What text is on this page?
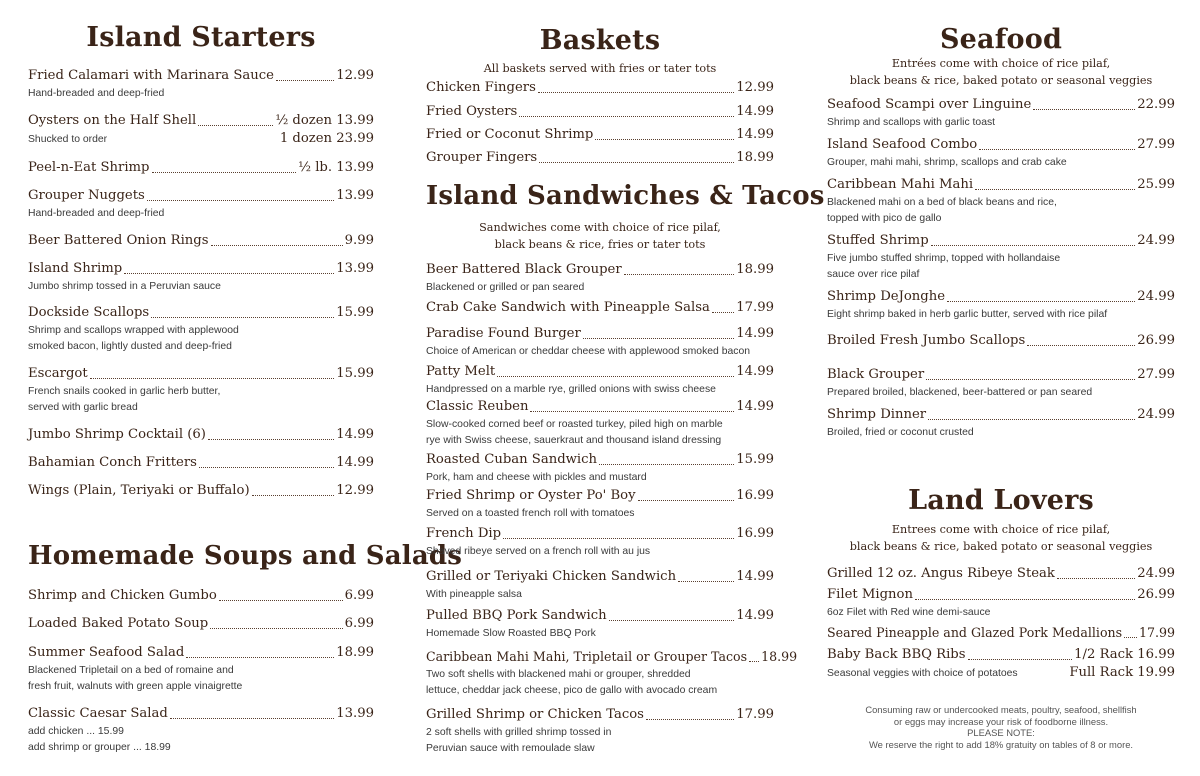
Island Starters
Fried Calamari with Marinara Sauce	12.99
Hand-breaded and deep-fried
Oysters on the Half Shell	½ dozen 13.99
Shucked to order	1 dozen 23.99
Peel-n-Eat Shrimp	½ lb. 13.99
Grouper Nuggets	13.99
Hand-breaded and deep-fried
Beer Battered Onion Rings	9.99
Island Shrimp	13.99
Jumbo shrimp tossed in a Peruvian sauce
Dockside Scallops	15.99
Shrimp and scallops wrapped with applewood
smoked bacon, lightly dusted and deep-fried
Escargot	15.99
French snails cooked in garlic herb butter,
served with garlic bread
Jumbo Shrimp Cocktail (6)	14.99
Bahamian Conch Fritters	14.99
Wings (Plain, Teriyaki or Buffalo)	12.99
Homemade Soups and Salads
Shrimp and Chicken Gumbo	6.99
Loaded Baked Potato Soup	6.99
Summer Seafood Salad	18.99
Blackened Tripletail on a bed of romaine and
fresh fruit, walnuts with green apple vinaigrette
Classic Caesar Salad	13.99
add chicken ... 15.99
add shrimp or grouper ... 18.99
Baskets
All baskets served with fries or tater tots
Chicken Fingers	12.99
Fried Oysters	14.99
Fried or Coconut Shrimp	14.99
Grouper Fingers	18.99
Island Sandwiches & Tacos
Sandwiches come with choice of rice pilaf,
black beans & rice, fries or tater tots
Beer Battered Black Grouper	18.99
Blackened or grilled or pan seared
Crab Cake Sandwich with Pineapple Salsa 17.99
Paradise Found Burger	14.99
Choice of American or cheddar cheese with applewood smoked bacon
Patty Melt	14.99
Handpressed on a marble rye, grilled onions with swiss cheese
Classic Reuben	14.99
Slow-cooked corned beef or roasted turkey, piled high on marble
rye with Swiss cheese, sauerkraut and thousand island dressing
Roasted Cuban Sandwich	15.99
Pork, ham and cheese with pickles and mustard
Fried Shrimp or Oyster Po' Boy	16.99
Served on a toasted french roll with tomatoes
French Dip	16.99
Shaved ribeye served on a french roll with au jus
Grilled or Teriyaki Chicken Sandwich	14.99
With pineapple salsa
Pulled BBQ Pork Sandwich	14.99
Homemade Slow Roasted BBQ Pork
Caribbean Mahi Mahi, Tripletail or Grouper Tacos 18.99
Two soft shells with blackened mahi or grouper, shredded
lettuce, cheddar jack cheese, pico de gallo with avocado cream
Grilled Shrimp or Chicken Tacos	17.99
2 soft shells with grilled shrimp tossed in
Peruvian sauce with remoulade slaw
Seafood
Entrées come with choice of rice pilaf,
black beans & rice, baked potato or seasonal veggies
Seafood Scampi over Linguine	22.99
Shrimp and scallops with garlic toast
Island Seafood Combo	27.99
Grouper, mahi mahi, shrimp, scallops and crab cake
Caribbean Mahi Mahi	25.99
Blackened mahi on a bed of black beans and rice,
topped with pico de gallo
Stuffed Shrimp	24.99
Five jumbo stuffed shrimp, topped with hollandaise
sauce over rice pilaf
Shrimp DeJonghe	24.99
Eight shrimp baked in herb garlic butter, served with rice pilaf
Broiled Fresh Jumbo Scallops	26.99
Black Grouper	27.99
Prepared broiled, blackened, beer-battered or pan seared
Shrimp Dinner	24.99
Broiled, fried or coconut crusted
Land Lovers
Entrees come with choice of rice pilaf,
black beans & rice, baked potato or seasonal veggies
Grilled 12 oz. Angus Ribeye Steak	24.99
Filet Mignon	26.99
6oz Filet with Red wine demi-sauce
Seared Pineapple and Glazed Pork Medallions 17.99
Baby Back BBQ Ribs	1/2 Rack 16.99
Seasonal veggies with choice of potatoes	Full Rack 19.99
Consuming raw or undercooked meats, poultry, seafood, shellfish
or eggs may increase your risk of foodborne illness.
PLEASE NOTE:
We reserve the right to add 18% gratuity on tables of 8 or more.
